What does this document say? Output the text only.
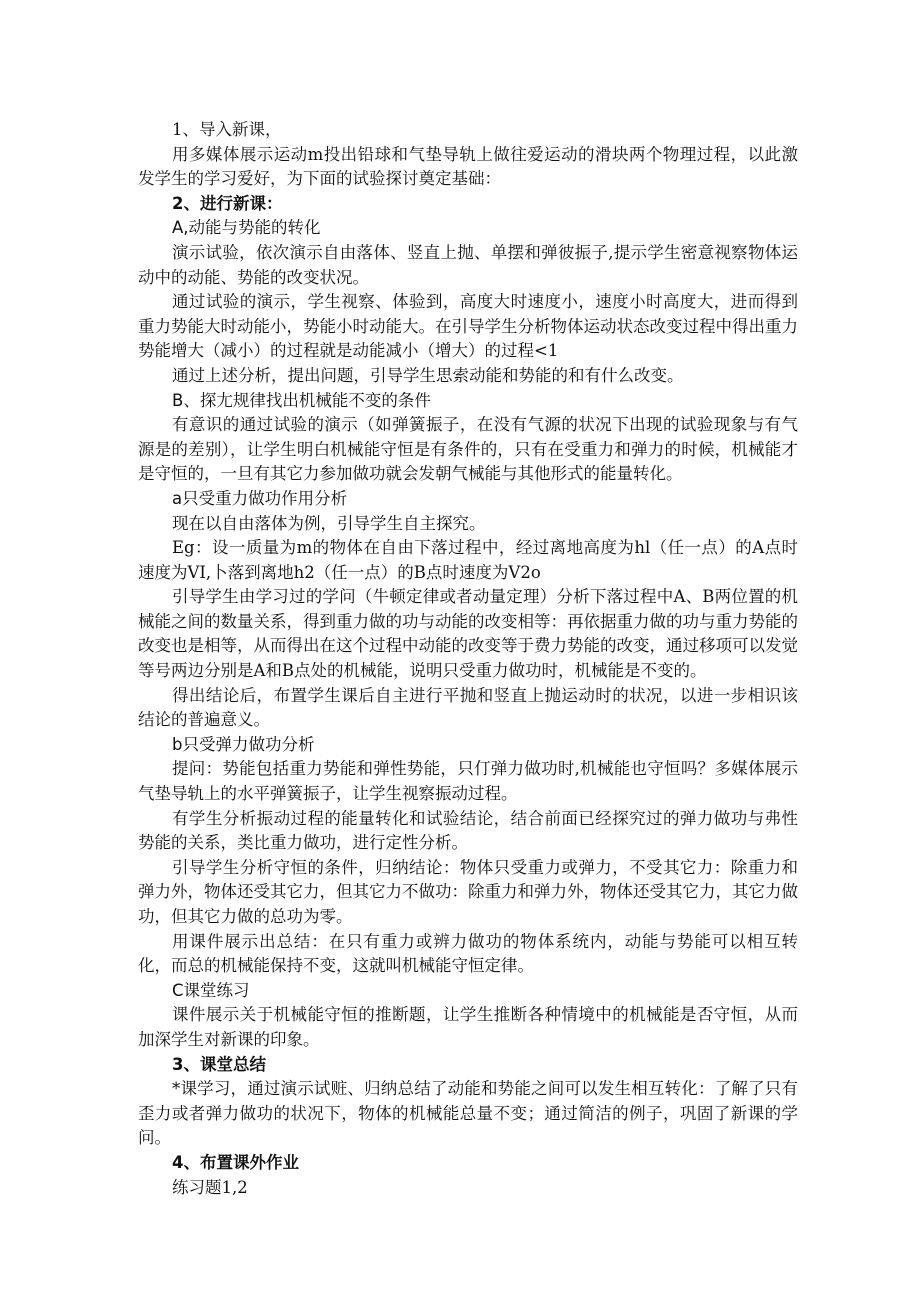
1、导入新课，

用多媒体展示运动m投出铅球和气垫导轨上做往爱运动的滑块两个物理过程，以此激发学生的学习爱好，为下面的试验探讨奠定基础：

2、进行新课：

A,动能与势能的转化

演示试验，依次演示自由落体、竖直上抛、单摆和弹彼振子,提示学生密意视察物体运动中的动能、势能的改变状况。

通过试验的演示，学生视察、体验到，高度大时速度小，速度小时高度大，进而得到重力势能大时动能小，势能小时动能大。在引导学生分析物体运动状态改变过程中得出重力势能增大（减小）的过程就是动能减小（增大）的过程<1

通过上述分析，提出问题，引导学生思索动能和势能的和有什么改变。

B、探尢规律找出机械能不变的条件

有意识的通过试验的演示（如弹簧振子，在没有气源的状况下出现的试验现象与有气源是的差别），让学生明白机械能守恒是有条件的，只有在受重力和弹力的时候，机械能才是守恒的，一旦有其它力参加做功就会发朝气械能与其他形式的能量转化。

a只受重力做功作用分析

现在以自由落体为例，引导学生自主探究。

Eg：设一质量为m的物体在自由下落过程中，经过离地高度为hl（任一点）的A点时速度为VI,卜落到离地h2（任一点）的B点时速度为V2o

引导学生由学习过的学问（牛顿定律或者动量定理）分析下落过程中A、B两位置的机械能之间的数量关系，得到重力做的功与动能的改变相等：再依据重力做的功与重力势能的改变也是相等，从而得出在这个过程中动能的改变等于费力势能的改变，通过移项可以发觉等号两边分别是A和B点处的机械能，说明只受重力做功时，机械能是不变的。

得出结论后，布置学生课后自主进行平抛和竖直上抛运动时的状况，以进一步相识该结论的普遍意义。

b只受弹力做功分析

提问：势能包括重力势能和弹性势能，只仃弹力做功时,机械能也守恒吗？多媒体展示气垫导轨上的水平弹簧振子，让学生视察振动过程。

有学生分析振动过程的能量转化和试验结论，结合前面已经探究过的弹力做功与弗性势能的关系，类比重力做功，进行定性分析。

引导学生分析守恒的条件，归纳结论：物体只受重力或弹力，不受其它力：除重力和弹力外，物体还受其它力，但其它力不做功：除重力和弹力外，物体还受其它力，其它力做功，但其它力做的总功为零。

用课件展示出总结：在只有重力或辨力做功的物体系统内，动能与势能可以相互转化，而总的机械能保持不变，这就叫机械能守恒定律。

C课堂练习

课件展示关于机械能守恒的推断题，让学生推断各种情境中的机械能是否守恒，从而加深学生对新课的印象。

3、课堂总结

*课学习，通过演示试赃、归纳总结了动能和势能之间可以发生相互转化：了解了只有歪力或者弹力做功的状况下，物体的机械能总量不变；通过简洁的例子，巩固了新课的学问。

4、布置课外作业

练习题1,2
